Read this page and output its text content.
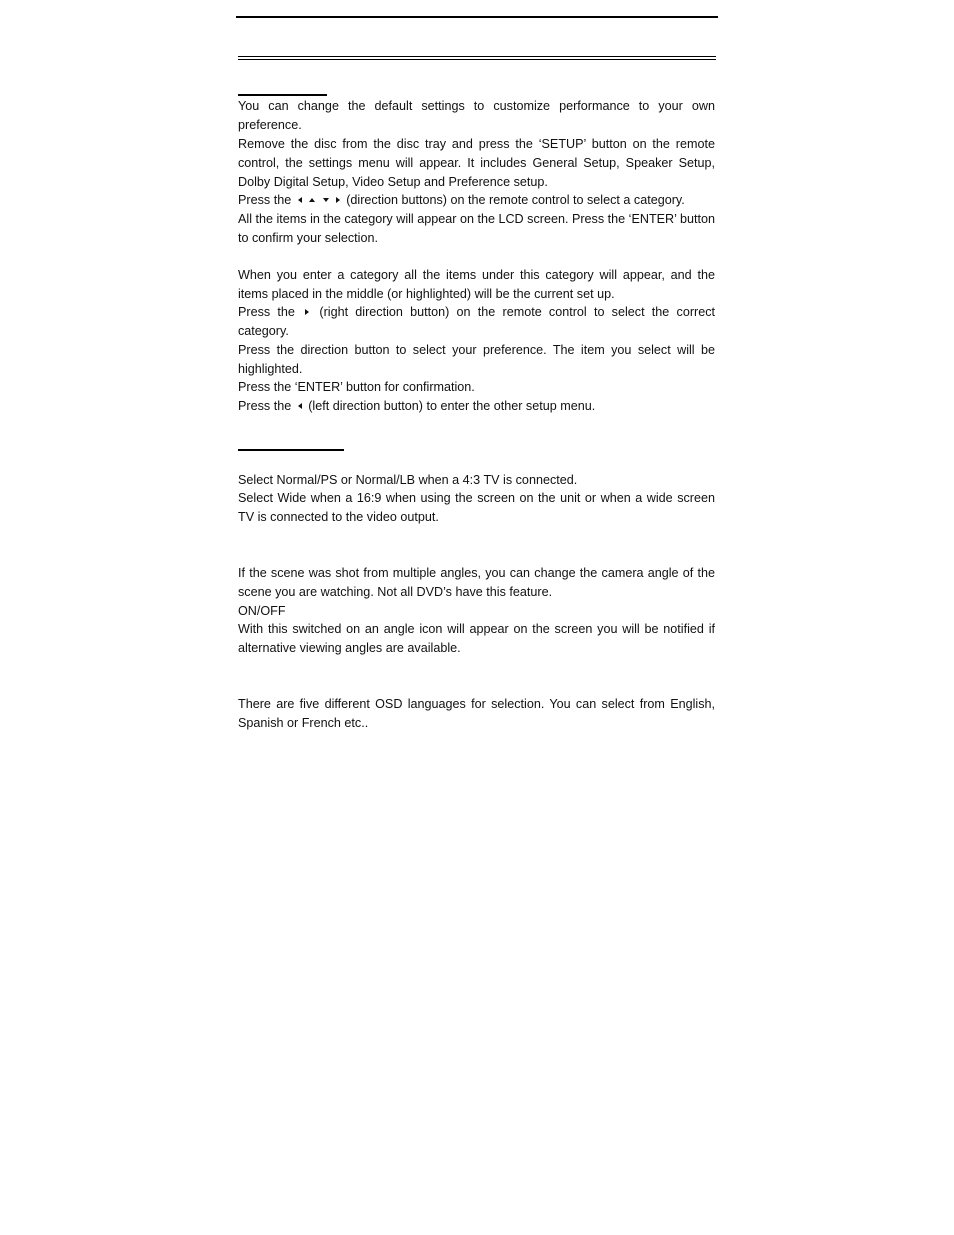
You can change the default settings to customize performance to your own preference.
Remove the disc from the disc tray and press the ‘SETUP’ button on the remote control, the settings menu will appear. It includes General Setup, Speaker Setup, Dolby Digital Setup, Video Setup and Preference setup.
Press the	(direction buttons) on the remote control to select a category.
All the items in the category will appear on the LCD screen. Press the ‘ENTER’ button to confirm your selection.
When you enter a category all the items under this category will appear, and the items placed in the middle (or highlighted) will be the current set up.
Press the (right direction button) on the remote control to select the correct category.
Press the direction button to select your preference. The item you select will be highlighted.
Press the ‘ENTER’ button for confirmation.
Press the (left direction button) to enter the other setup menu.
Select Normal/PS or Normal/LB when a 4:3 TV is connected.
Select Wide when a 16:9 when using the screen on the unit or when a wide screen TV is connected to the video output.
If the scene was shot from multiple angles, you can change the camera angle of the scene you are watching. Not all DVD’s have this feature.
ON/OFF
With this switched on an angle icon will appear on the screen you will be notified if alternative viewing angles are available.
There are five different OSD languages for selection. You can select from English, Spanish or French etc..
